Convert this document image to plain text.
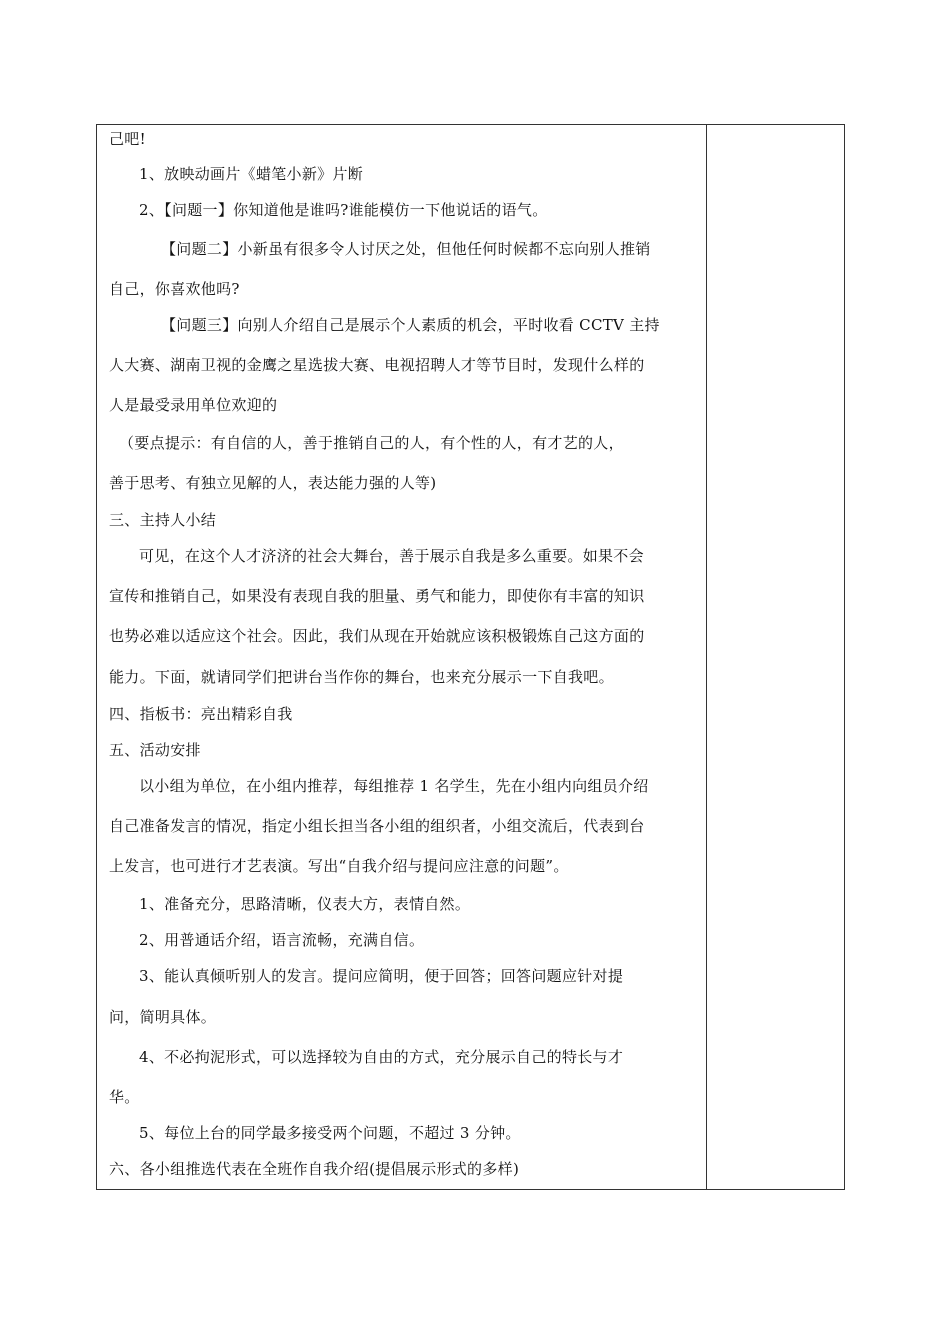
己吧!
1、放映动画片《蜡笔小新》片断
2、【问题一】你知道他是谁吗?谁能模仿一下他说话的语气。
【问题二】小新虽有很多令人讨厌之处，但他任何时候都不忘向别人推销
自己，你喜欢他吗?
【问题三】向别人介绍自己是展示个人素质的机会，平时收看 CCTV 主持
人大赛、湖南卫视的金鹰之星选拔大赛、电视招聘人才等节目时，发现什么样的
人是最受录用单位欢迎的
（要点提示：有自信的人，善于推销自己的人，有个性的人，有才艺的人，
善于思考、有独立见解的人，表达能力强的人等)
三、主持人小结
可见，在这个人才济济的社会大舞台，善于展示自我是多么重要。如果不会
宣传和推销自己，如果没有表现自我的胆量、勇气和能力，即使你有丰富的知识
也势必难以适应这个社会。因此，我们从现在开始就应该积极锻炼自己这方面的
能力。下面，就请同学们把讲台当作你的舞台，也来充分展示一下自我吧。
四、指板书：亮出精彩自我
五、活动安排
以小组为单位，在小组内推荐，每组推荐 1 名学生，先在小组内向组员介绍
自己准备发言的情况，指定小组长担当各小组的组织者，小组交流后，代表到台
上发言，也可进行才艺表演。写出“自我介绍与提问应注意的问题”。
1、准备充分，思路清晰，仪表大方，表情自然。
2、用普通话介绍，语言流畅，充满自信。
3、能认真倾听别人的发言。提问应简明，便于回答；回答问题应针对提
问，简明具体。
4、不必拘泥形式，可以选择较为自由的方式，充分展示自己的特长与才
华。
5、每位上台的同学最多接受两个问题，不超过 3 分钟。
六、各小组推选代表在全班作自我介绍(提倡展示形式的多样)
